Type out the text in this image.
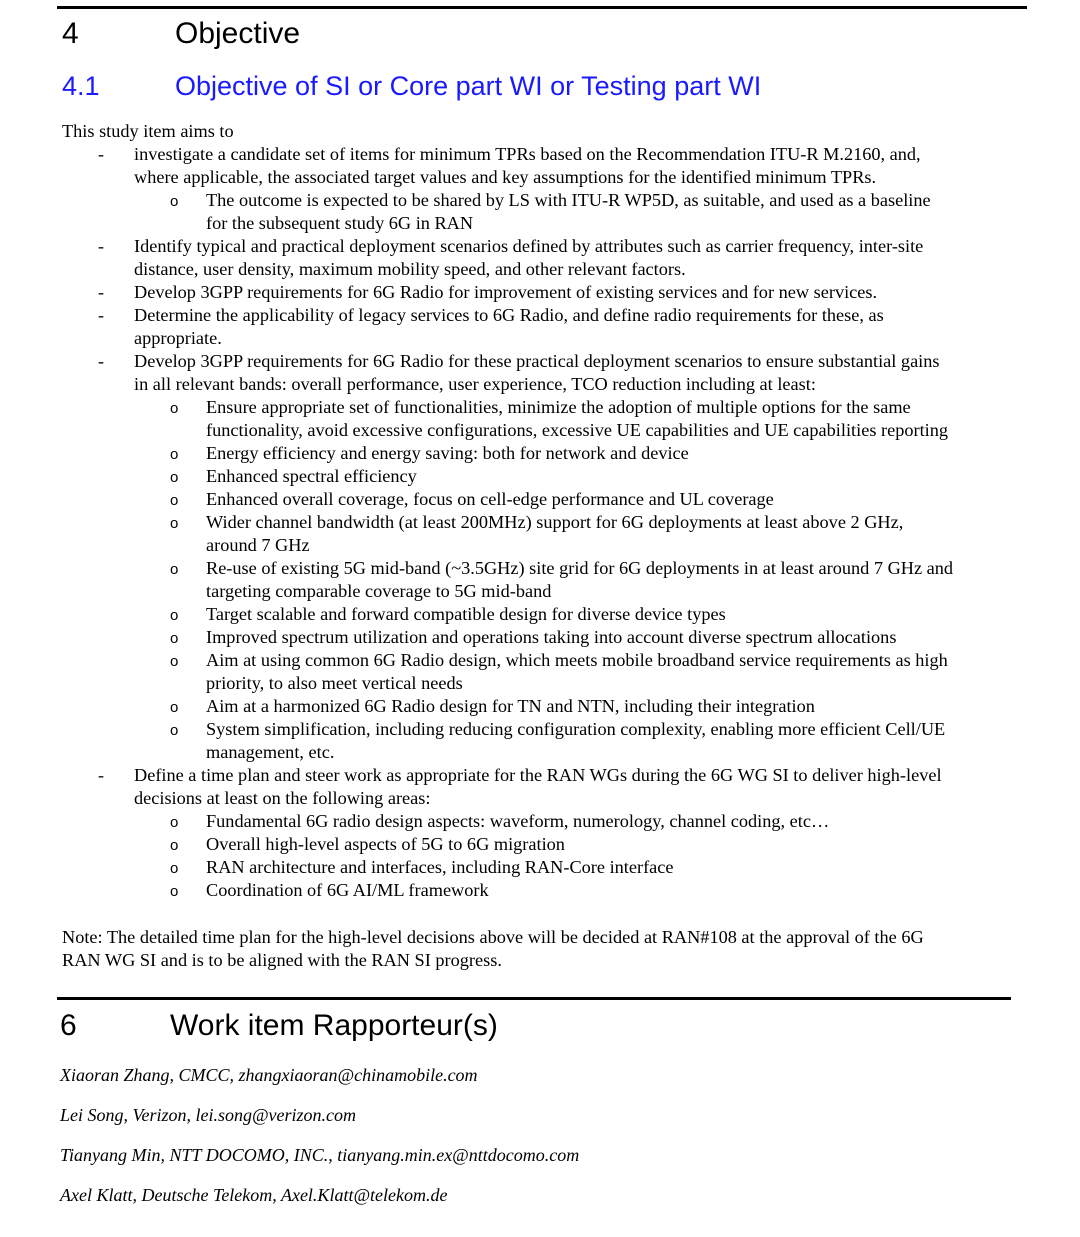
4	Objective
4.1	Objective of SI or Core part WI or Testing part WI
This study item aims to
- investigate a candidate set of items for minimum TPRs based on the Recommendation ITU-R M.2160, and,
where applicable, the associated target values and key assumptions for the identified minimum TPRs.
o The outcome is expected to be shared by LS with ITU-R WP5D, as suitable, and used as a baseline
for the subsequent study 6G in RAN
- Identify typical and practical deployment scenarios defined by attributes such as carrier frequency, inter-site
distance, user density, maximum mobility speed, and other relevant factors.
- Develop 3GPP requirements for 6G Radio for improvement of existing services and for new services.
- Determine the applicability of legacy services to 6G Radio, and define radio requirements for these, as
appropriate.
- Develop 3GPP requirements for 6G Radio for these practical deployment scenarios to ensure substantial gains
in all relevant bands: overall performance, user experience, TCO reduction including at least:
o Ensure appropriate set of functionalities, minimize the adoption of multiple options for the same
functionality, avoid excessive configurations, excessive UE capabilities and UE capabilities reporting
o Energy efficiency and energy saving: both for network and device
o Enhanced spectral efficiency
o Enhanced overall coverage, focus on cell-edge performance and UL coverage
o Wider channel bandwidth (at least 200MHz) support for 6G deployments at least above 2 GHz,
around 7 GHz
o Re-use of existing 5G mid-band (~3.5GHz) site grid for 6G deployments in at least around 7 GHz and
targeting comparable coverage to 5G mid-band
o Target scalable and forward compatible design for diverse device types
o Improved spectrum utilization and operations taking into account diverse spectrum allocations
o Aim at using common 6G Radio design, which meets mobile broadband service requirements as high
priority, to also meet vertical needs
o Aim at a harmonized 6G Radio design for TN and NTN, including their integration
o System simplification, including reducing configuration complexity, enabling more efficient Cell/UE
management, etc.
- Define a time plan and steer work as appropriate for the RAN WGs during the 6G WG SI to deliver high-level
decisions at least on the following areas:
o Fundamental 6G radio design aspects: waveform, numerology, channel coding, etc…
o Overall high-level aspects of 5G to 6G migration
o RAN architecture and interfaces, including RAN-Core interface
o Coordination of 6G AI/ML framework
Note: The detailed time plan for the high-level decisions above will be decided at RAN#108 at the approval of the 6G
RAN WG SI and is to be aligned with the RAN SI progress.
6	Work item Rapporteur(s)
Xiaoran Zhang, CMCC, zhangxiaoran@chinamobile.com
Lei Song, Verizon, lei.song@verizon.com
Tianyang Min, NTT DOCOMO, INC., tianyang.min.ex@nttdocomo.com
Axel Klatt, Deutsche Telekom, Axel.Klatt@telekom.de
